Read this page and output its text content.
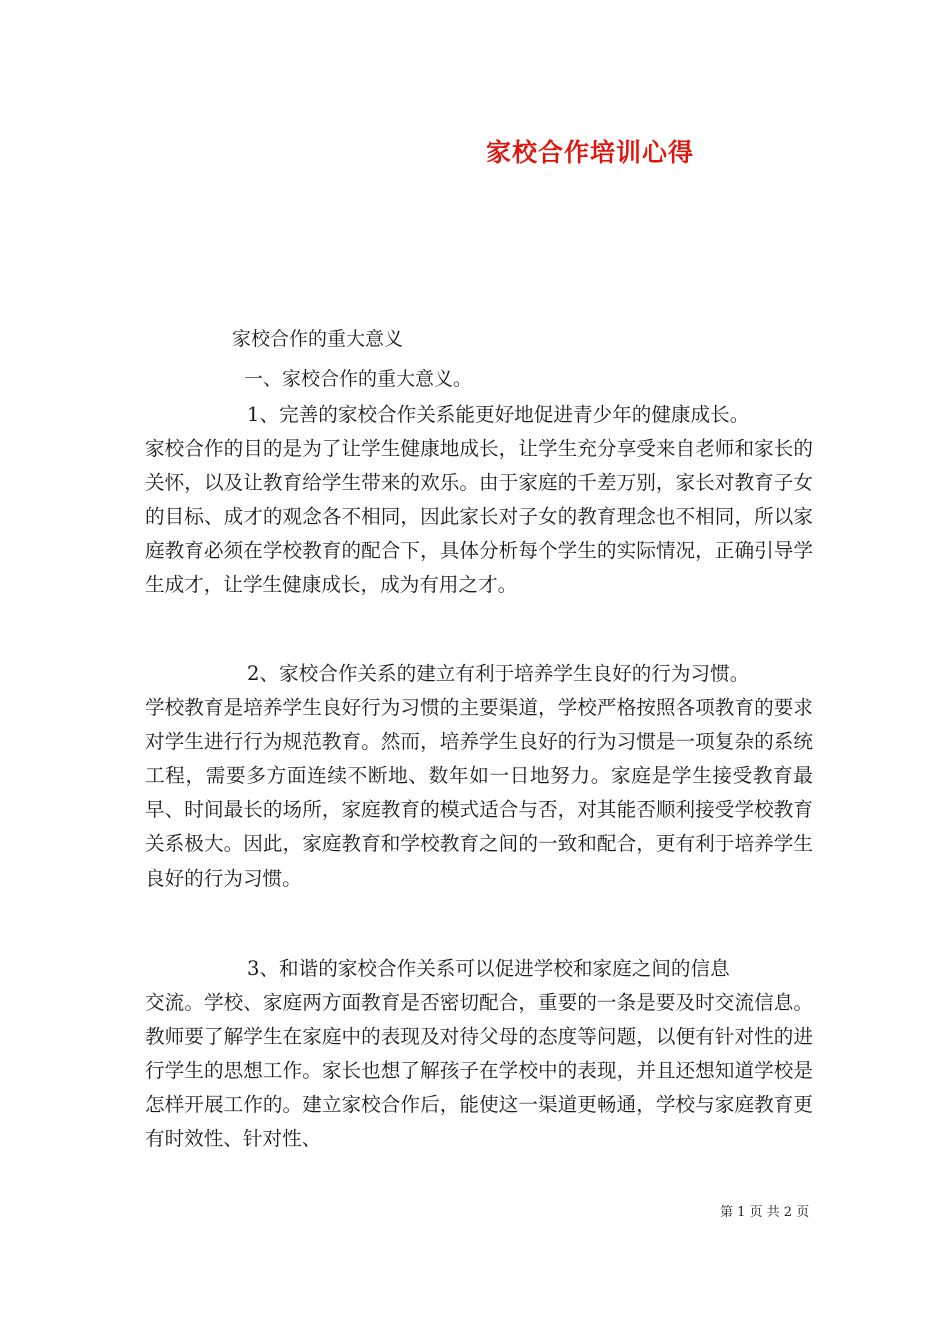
家校合作培训心得
家校合作的重大意义
一、家校合作的重大意义。
1、完善的家校合作关系能更好地促进青少年的健康成长。
家校合作的目的是为了让学生健康地成长，让学生充分享受来自老师和家长的关怀，以及让教育给学生带来的欢乐。由于家庭的千差万别，家长对教育子女的目标、成才的观念各不相同，因此家长对子女的教育理念也不相同，所以家庭教育必须在学校教育的配合下，具体分析每个学生的实际情况，正确引导学生成才，让学生健康成长，成为有用之才。
2、家校合作关系的建立有利于培养学生良好的行为习惯。
学校教育是培养学生良好行为习惯的主要渠道，学校严格按照各项教育的要求对学生进行行为规范教育。然而，培养学生良好的行为习惯是一项复杂的系统工程，需要多方面连续不断地、数年如一日地努力。家庭是学生接受教育最早、时间最长的场所，家庭教育的模式适合与否，对其能否顺利接受学校教育关系极大。因此，家庭教育和学校教育之间的一致和配合，更有利于培养学生良好的行为习惯。
3、和谐的家校合作关系可以促进学校和家庭之间的信息
交流。学校、家庭两方面教育是否密切配合，重要的一条是要及时交流信息。教师要了解学生在家庭中的表现及对待父母的态度等问题，以便有针对性的进行学生的思想工作。家长也想了解孩子在学校中的表现，并且还想知道学校是怎样开展工作的。建立家校合作后，能使这一渠道更畅通，学校与家庭教育更有时效性、针对性、
第 1 页 共 2 页
